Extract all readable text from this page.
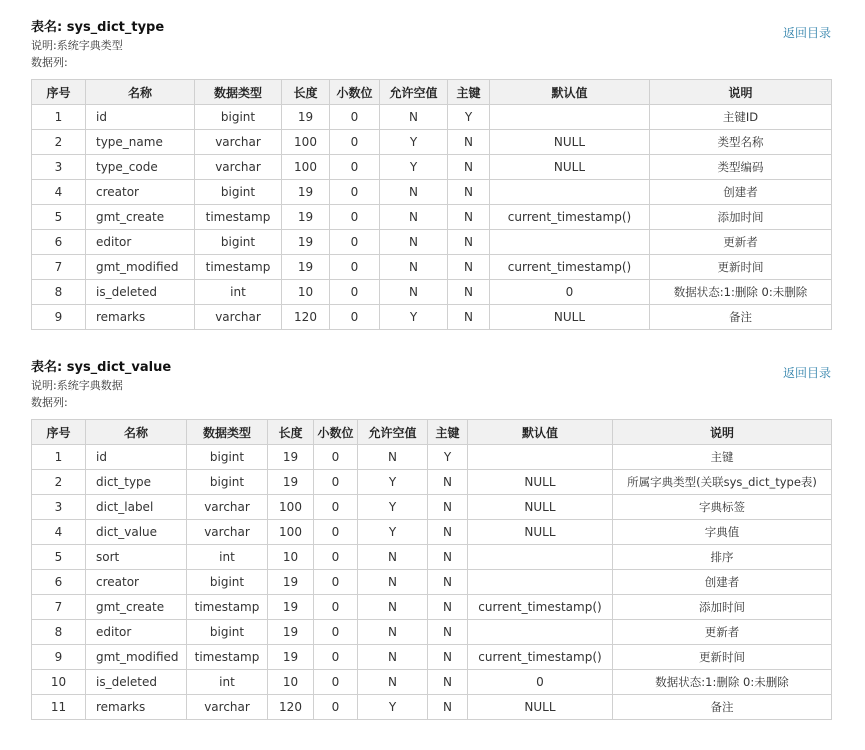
表名: sys_dict_type
说明:系统字典类型
数据列:
返回目录
序号	名称	数据类型	长度	小数位	允许空值	主键	默认值	说明
1	id	bigint	19	0	N	Y		主键ID
2	type_name	varchar	100	0	Y	N	NULL	类型名称
3	type_code	varchar	100	0	Y	N	NULL	类型编码
4	creator	bigint	19	0	N	N		创建者
5	gmt_create	timestamp	19	0	N	N	current_timestamp()	添加时间
6	editor	bigint	19	0	N	N		更新者
7	gmt_modified	timestamp	19	0	N	N	current_timestamp()	更新时间
8	is_deleted	int	10	0	N	N	0	数据状态:1:删除 0:未删除
9	remarks	varchar	120	0	Y	N	NULL	备注
表名: sys_dict_value
说明:系统字典数据
数据列:
返回目录
序号	名称	数据类型	长度	小数位	允许空值	主键	默认值	说明
1	id	bigint	19	0	N	Y		主键
2	dict_type	bigint	19	0	Y	N	NULL	所属字典类型(关联sys_dict_type表)
3	dict_label	varchar	100	0	Y	N	NULL	字典标签
4	dict_value	varchar	100	0	Y	N	NULL	字典值
5	sort	int	10	0	N	N		排序
6	creator	bigint	19	0	N	N		创建者
7	gmt_create	timestamp	19	0	N	N	current_timestamp()	添加时间
8	editor	bigint	19	0	N	N		更新者
9	gmt_modified	timestamp	19	0	N	N	current_timestamp()	更新时间
10	is_deleted	int	10	0	N	N	0	数据状态:1:删除 0:未删除
11	remarks	varchar	120	0	Y	N	NULL	备注
